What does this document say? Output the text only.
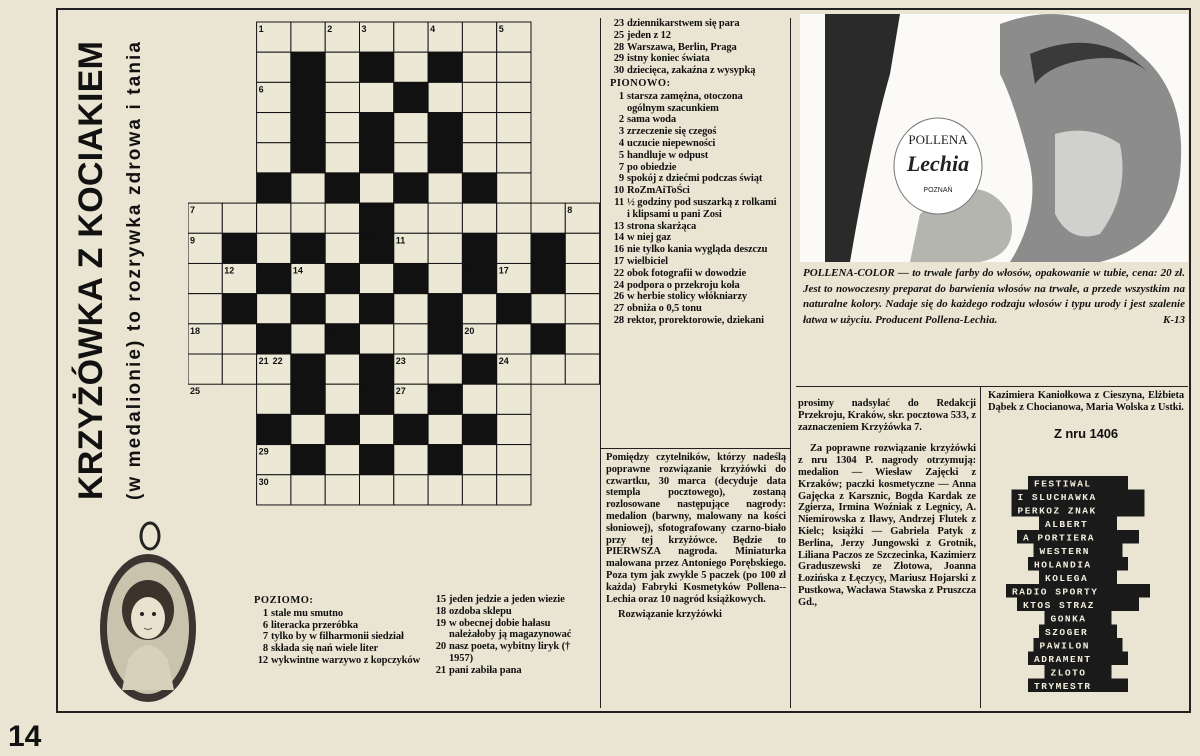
KRZYŻÓWKA Z KOCIAKIEM
(w medalionie) to rozrywka zdrowa i tania
1	2	3	4	5
6
7	8
9	10	11
12	13	14	15	16	17
18	19	20
21 22	23	24
25	26	27	28
29
30
POZIOMO:
1 stale mu smutno
6 literacka przeróbka
7 tylko by w filharmonii siedział
8 składa się nań wiele liter
12 wykwintne warzywo z kopczyków
15 jeden jedzie a jeden wiezie
18 ozdoba sklepu
19 w obecnej dobie hałasu należałoby ją magazynować
20 nasz poeta, wybitny liryk († 1957)
21 pani zabiła pana
23 dziennikarstwem się para
25 jeden z 12
28 Warszawa, Berlin, Praga
29 istny koniec świata
30 dziecięca, zakaźna z wysypką
PIONOWO:
1 starsza zamężna, otoczona ogólnym szacunkiem
2 sama woda
3 zrzeczenie się czegoś
4 uczucie niepewności
5 handluje w odpust
7 po obiedzie
9 spokój z dziećmi podczas świąt
10 RoZmAiToŚci
11 ½ godziny pod suszarką z rolkami i klipsami u pani Zosi
13 strona skarżąca
14 w niej gaz
16 nie tylko kania wygląda deszczu
17 wielbiciel
22 obok fotografii w dowodzie
24 podpora o przekroju koła
26 w herbie stolicy włókniarzy
27 obniża o 0,5 tonu
28 rektor, prorektorowie, dziekani
Pomiędzy czytelników, którzy nadeślą poprawne rozwiązanie krzyżówki do czwartku, 30 marca (decyduje data stempla pocztowego), zostaną rozlosowane następujące nagrody: medalion (barwny, malowany na kości słoniowej), sfotografowany czarno-biało przy tej krzyżówce. Będzie to PIERWSZA nagroda. Miniaturka malowana przez Antoniego Porębskiego. Poza tym jak zwykle 5 paczek (po 100 zł każda) Fabryki Kosmetyków Pollena--Lechia oraz 10 nagród książkowych.
Rozwiązanie krzyżówki
prosimy nadsyłać do Redakcji Przekroju, Kraków, skr. pocztowa 533, z zaznaczeniem Krzyżówka 7.
Za poprawne rozwiązanie krzyżówki z nru 1304 P. nagrody otrzymują: medalion — Wiesław Zajęcki z Krzaków; paczki kosmetyczne — Anna Gajęcka z Karsznic, Bogda Kardak ze Zgierza, Irmina Woźniak z Legnicy, A. Niemirowska z Iławy, Andrzej Flutek z Kielc; książki — Gabriela Patyk z Berlina, Jerzy Jungowski z Grotnik, Liliana Paczos ze Szczecinka, Kazimierz Graduszewski ze Złotowa, Joanna Łozińska z Łęczycy, Mariusz Hojarski z Pustkowa, Wacława Stawska z Pruszcza Gd.,
Kazimiera Kaniołkowa z Cieszyna, Elżbieta Dąbek z Chocianowa, Maria Wolska z Ustki.
Z nru 1406
FESTIWAL
I SLUCHAWKA
PERKOZ ZNAK
ALBERT
A PORTIERA
WESTERN
HOLANDIA
KOLEGA
RADIO SPORTY
KTOS STRAZ
GONKA
SZOGER
PAWILON
ADRAMENT
ZLOTO
TRYMESTR
POLLENA
Lechia
POZNAŃ
POLLENA-COLOR — to trwałe farby do włosów, opakowanie w tubie, cena: 20 zł. Jest to nowoczesny preparat do barwienia włosów na trwałe, a przede wszystkim na naturalne kolory. Nadaje się do każdego rodzaju włosów i typu urody i jest szalenie łatwa w użyciu. Producent Pollena-Lechia.	K-13
14
